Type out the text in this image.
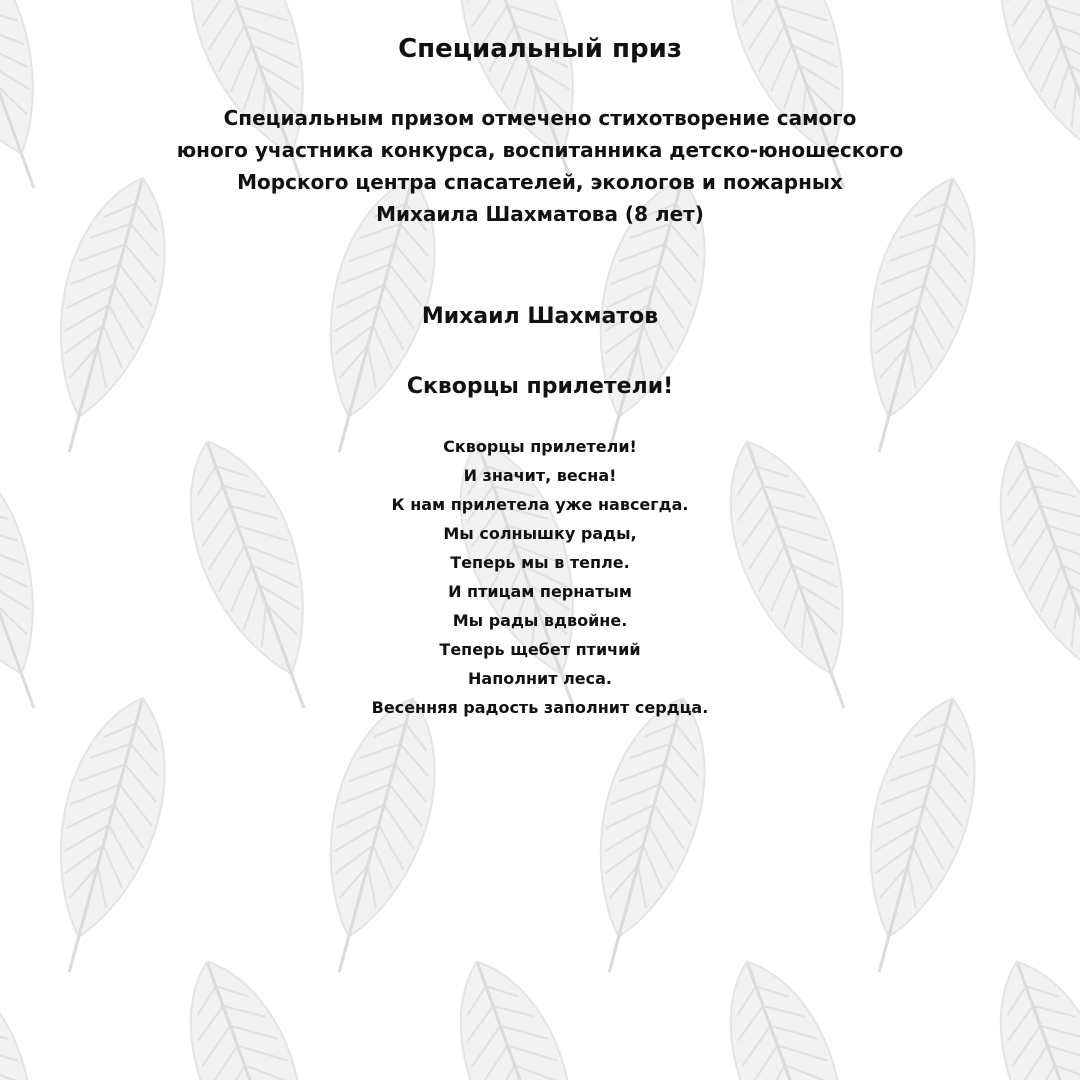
Специальный приз

Специальным призом отмечено стихотворение самого
юного участника конкурса, воспитанника детско-юношеского
Морского центра спасателей, экологов и пожарных
Михаила Шахматова (8 лет)

Михаил Шахматов
Скворцы прилетели!

Скворцы прилетели!
И значит, весна!
К нам прилетела уже навсегда.
Мы солнышку рады,
Теперь мы в тепле.
И птицам пернатым
Мы рады вдвойне.
Теперь щебет птичий
Наполнит леса.
Весенняя радость заполнит сердца.
